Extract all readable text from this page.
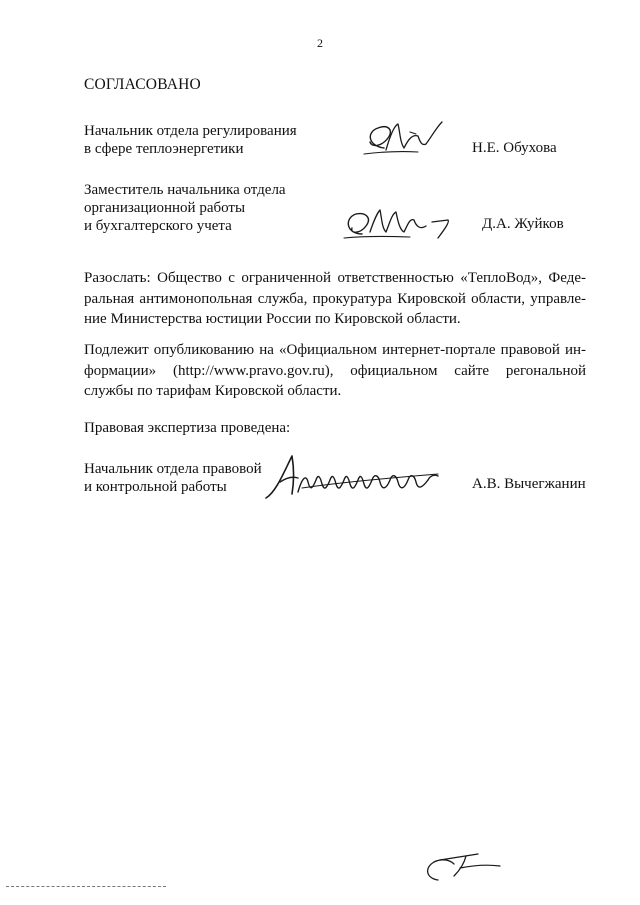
2
СОГЛАСОВАНО
Начальник отдела регулирования
в сфере теплоэнергетики	Н.Е. Обухова
Заместитель начальника отдела
организационной работы
и бухгалтерского учета	Д.А. Жуйков

Разослать: Общество с ограниченной ответственностью «ТеплоВод», Феде-
ральная антимонопольная служба, прокуратура Кировской области, управле-
ние Министерства юстиции России по Кировской области.

Подлежит опубликованию на «Официальном интернет-портале правовой ин-
формации» (http://www.pravo.gov.ru), официальном сайте регональной
службы по тарифам Кировской области.

Правовая экспертиза проведена:
Начальник отдела правовой
и контрольной работы	А.В. Вычегжанин
